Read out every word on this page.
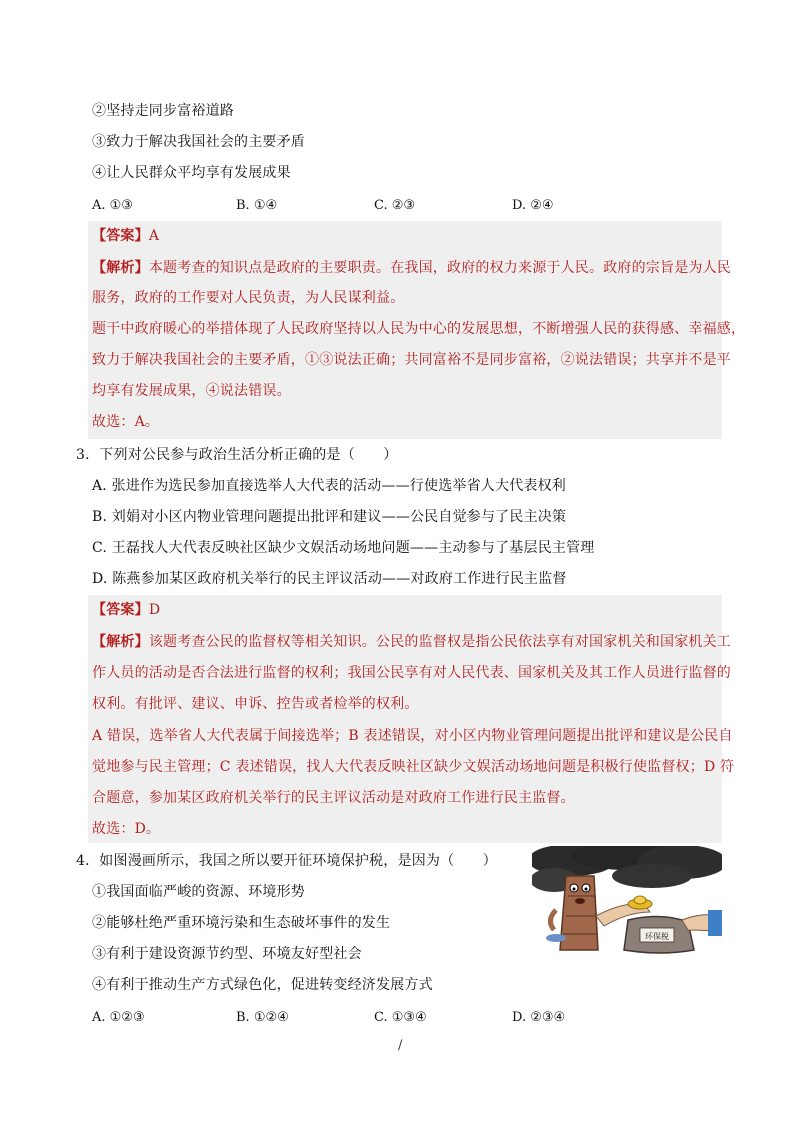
②坚持走同步富裕道路
③致力于解决我国社会的主要矛盾
④让人民群众平均享有发展成果
A. ①③	B. ①④	C. ②③	D. ②④
【答案】A
【解析】本题考查的知识点是政府的主要职责。在我国，政府的权力来源于人民。政府的宗旨是为人民
服务，政府的工作要对人民负责，为人民谋利益。
题干中政府暖心的举措体现了人民政府坚持以人民为中心的发展思想，不断增强人民的获得感、幸福感，
致力于解决我国社会的主要矛盾，①③说法正确；共同富裕不是同步富裕，②说法错误；共享并不是平
均享有发展成果，④说法错误。
故选：A。
3．下列对公民参与政治生活分析正确的是（　　）
A. 张进作为选民参加直接选举人大代表的活动——行使选举省人大代表权利
B. 刘娟对小区内物业管理问题提出批评和建议——公民自觉参与了民主决策
C. 王磊找人大代表反映社区缺少文娱活动场地问题——主动参与了基层民主管理
D. 陈燕参加某区政府机关举行的民主评议活动——对政府工作进行民主监督
【答案】D
【解析】该题考查公民的监督权等相关知识。公民的监督权是指公民依法享有对国家机关和国家机关工
作人员的活动是否合法进行监督的权利；我国公民享有对人民代表、国家机关及其工作人员进行监督的
权利。有批评、建议、申诉、控告或者检举的权利。
A 错误，选举省人大代表属于间接选举；B 表述错误，对小区内物业管理问题提出批评和建议是公民自
觉地参与民主管理；C 表述错误，找人大代表反映社区缺少文娱活动场地问题是积极行使监督权；D 符
合题意，参加某区政府机关举行的民主评议活动是对政府工作进行民主监督。
故选：D。
4．如图漫画所示，我国之所以要开征环境保护税，是因为（　　）
①我国面临严峻的资源、环境形势
②能够杜绝严重环境污染和生态破坏事件的发生
③有利于建设资源节约型、环境友好型社会
④有利于推动生产方式绿色化，促进转变经济发展方式
A. ①②③	B. ①②④	C. ①③④	D. ②③④
环保税
/
